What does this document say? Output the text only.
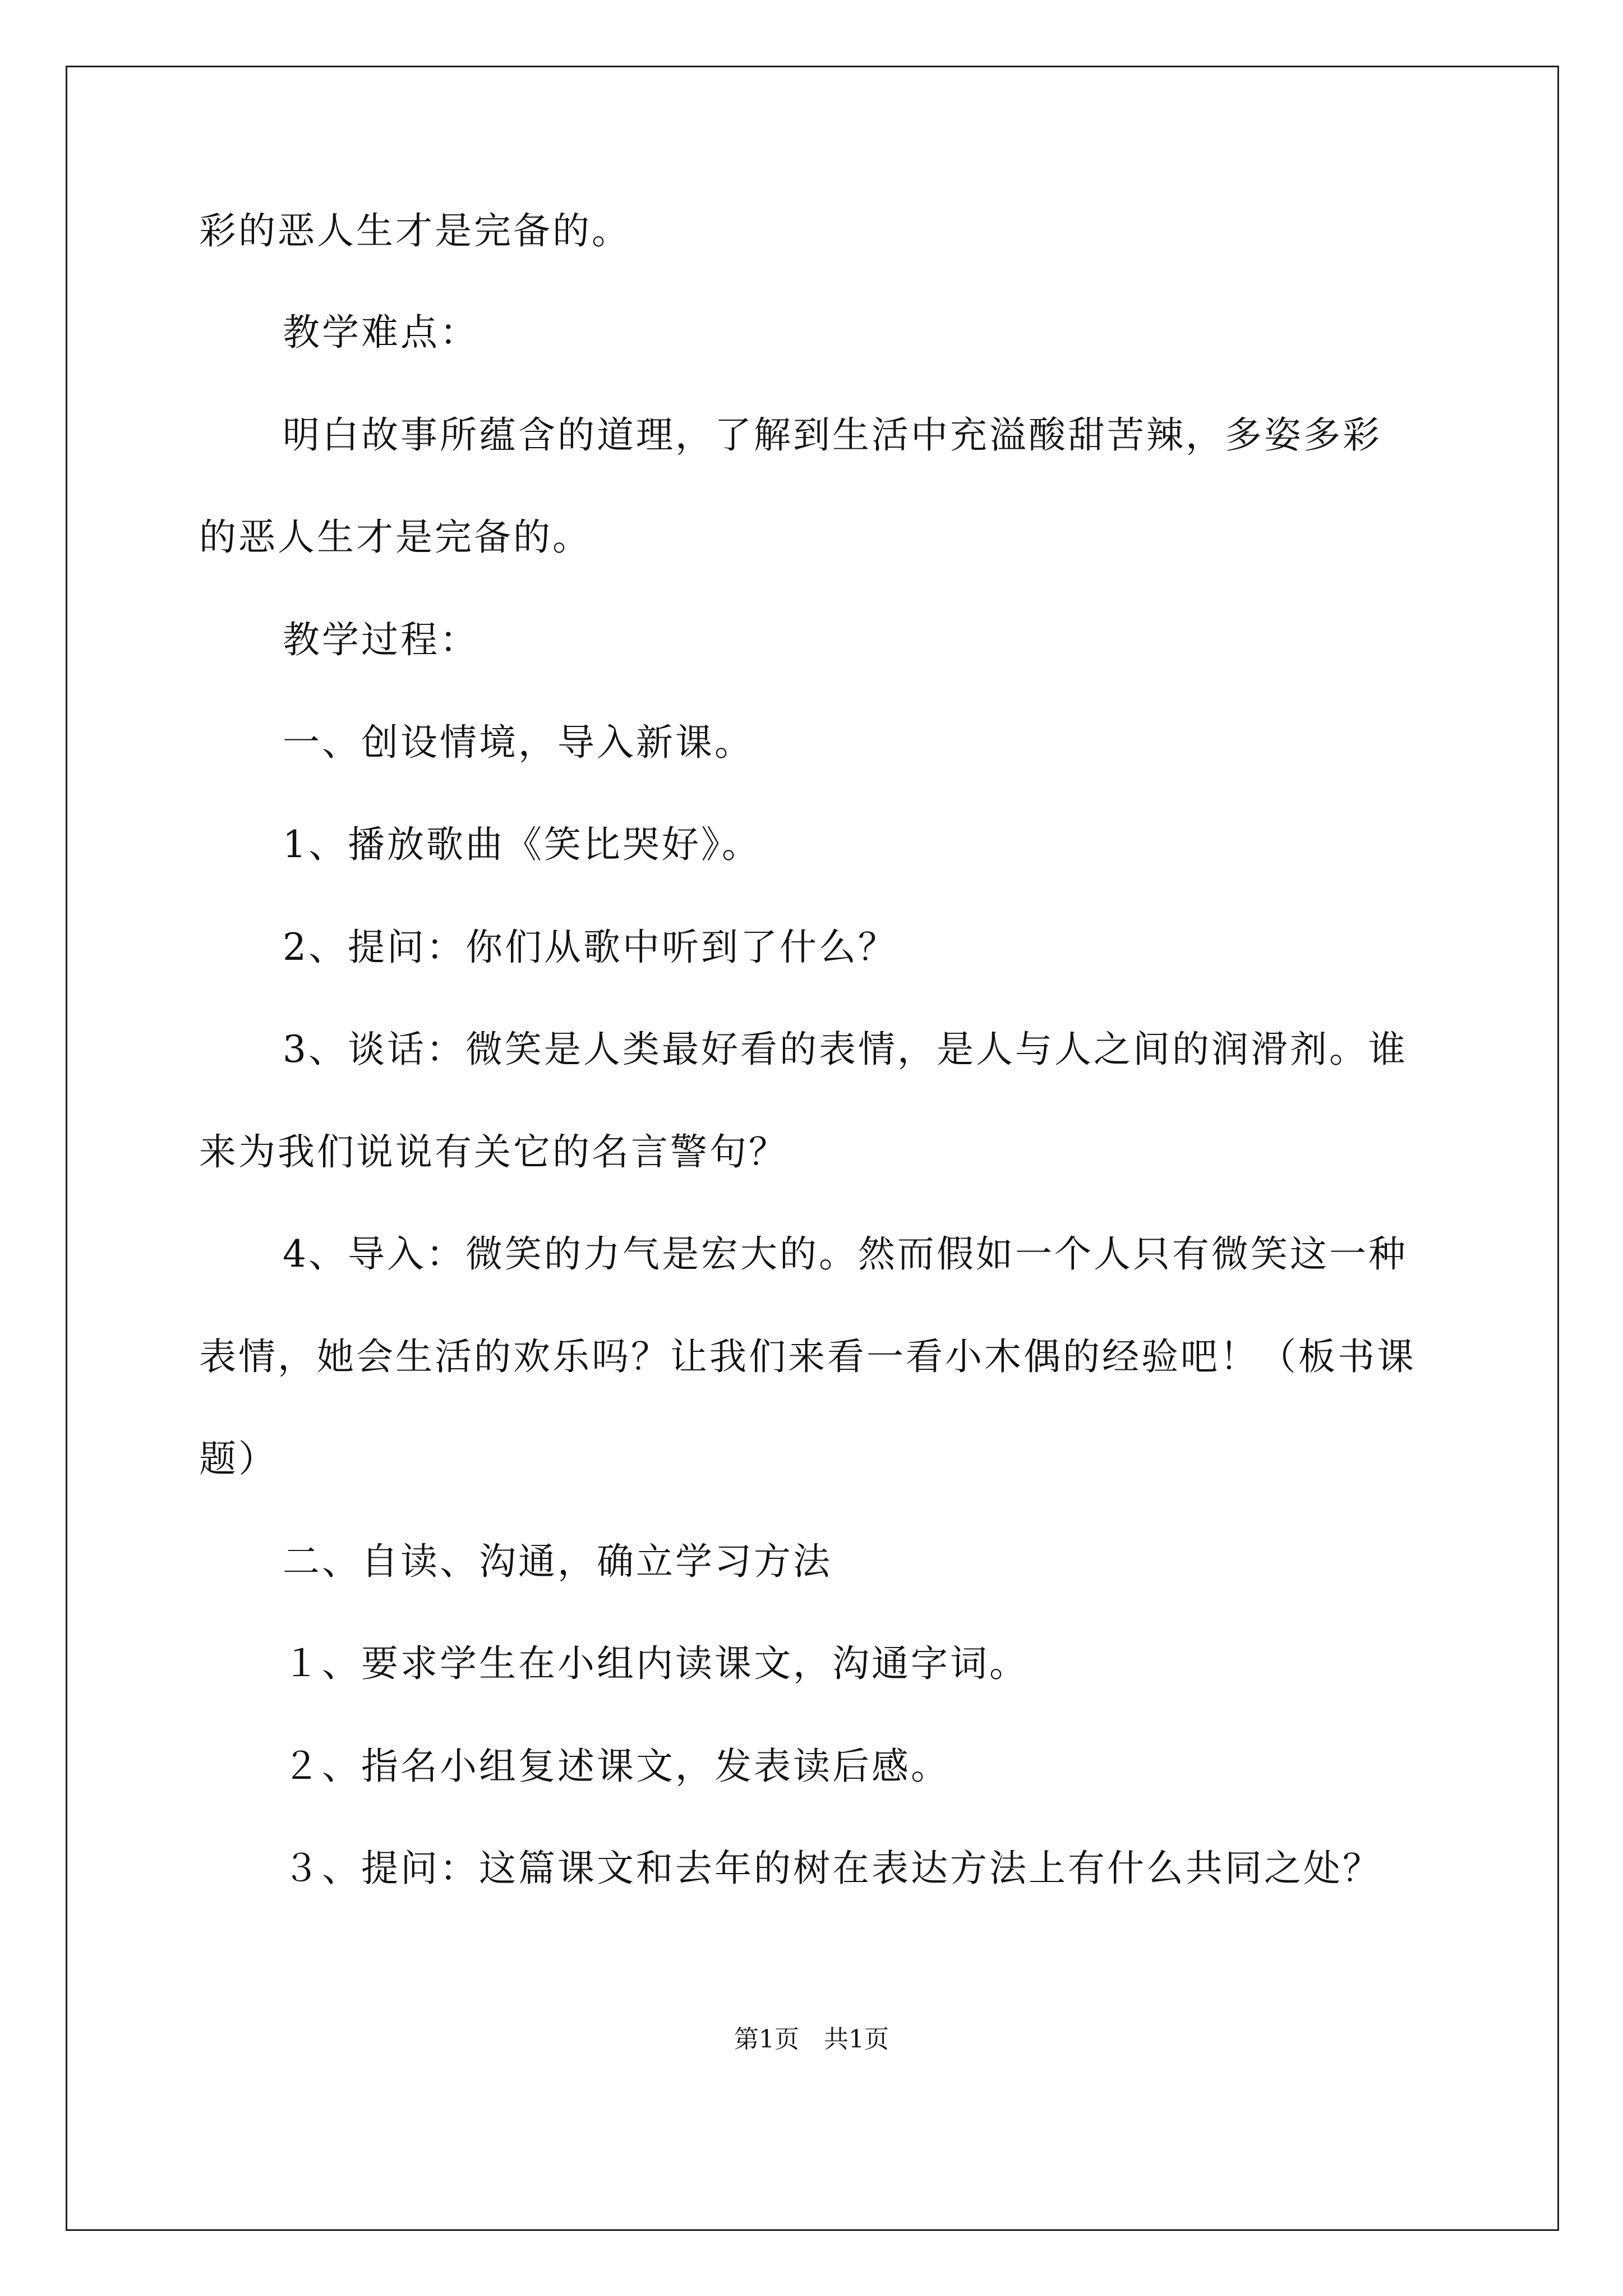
彩的恶人生才是完备的。
教学难点：
明白故事所蕴含的道理，了解到生活中充溢酸甜苦辣，多姿多彩
的恶人生才是完备的。
教学过程：
一、创设情境，导入新课。
1、播放歌曲《笑比哭好》。
2、提问：你们从歌中听到了什么？
3、谈话：微笑是人类最好看的表情，是人与人之间的润滑剂。谁
来为我们说说有关它的名言警句？
4、导入：微笑的力气是宏大的。然而假如一个人只有微笑这一种
表情，她会生活的欢乐吗？让我们来看一看小木偶的经验吧！（板书课
题）
二、自读、沟通，确立学习方法
１、要求学生在小组内读课文，沟通字词。
２、指名小组复述课文，发表读后感。
３、提问：这篇课文和去年的树在表达方法上有什么共同之处？
第1页　共1页
